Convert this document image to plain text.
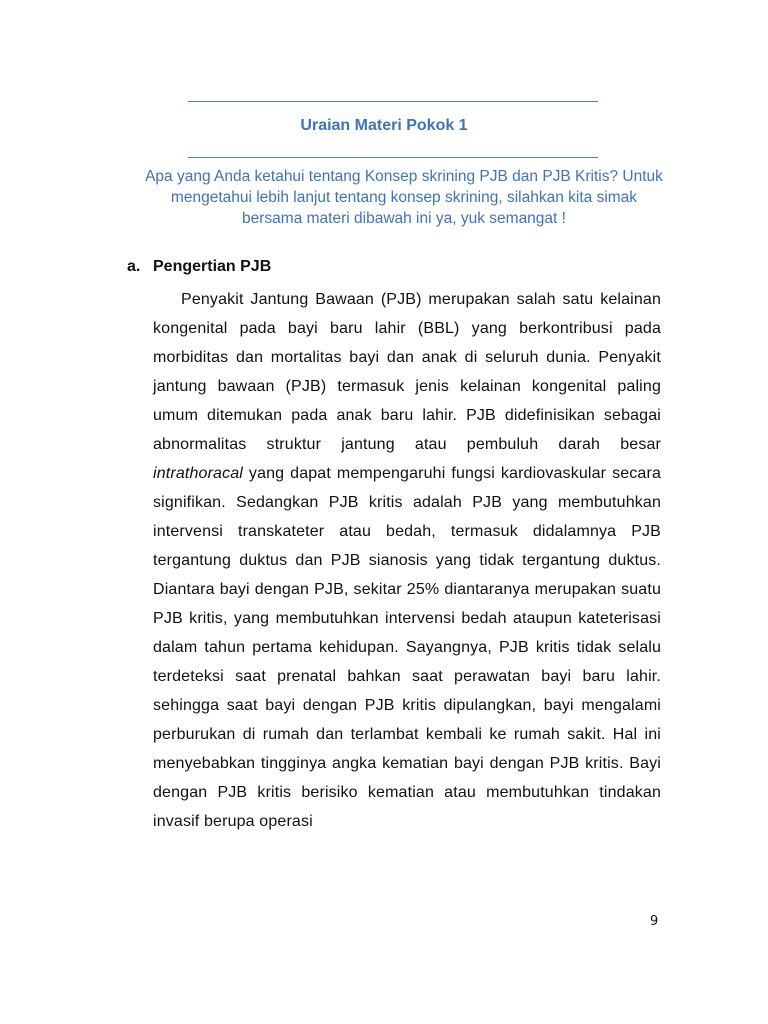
Uraian Materi Pokok 1
Apa yang Anda ketahui tentang Konsep skrining PJB dan PJB Kritis? Untuk mengetahui lebih lanjut tentang konsep skrining, silahkan kita simak bersama materi dibawah ini ya, yuk semangat !
a. Pengertian PJB
Penyakit Jantung Bawaan (PJB) merupakan salah satu kelainan kongenital pada bayi baru lahir (BBL) yang berkontribusi pada morbiditas dan mortalitas bayi dan anak di seluruh dunia. Penyakit jantung bawaan (PJB) termasuk jenis kelainan kongenital paling umum ditemukan pada anak baru lahir. PJB didefinisikan sebagai abnormalitas struktur jantung atau pembuluh darah besar intrathoracal yang dapat mempengaruhi fungsi kardiovaskular secara signifikan. Sedangkan PJB kritis adalah PJB yang membutuhkan intervensi transkateter atau bedah, termasuk didalamnya PJB tergantung duktus dan PJB sianosis yang tidak tergantung duktus. Diantara bayi dengan PJB, sekitar 25% diantaranya merupakan suatu PJB kritis, yang membutuhkan intervensi bedah ataupun kateterisasi dalam tahun pertama kehidupan. Sayangnya, PJB kritis tidak selalu terdeteksi saat prenatal bahkan saat perawatan bayi baru lahir. sehingga saat bayi dengan PJB kritis dipulangkan, bayi mengalami perburukan di rumah dan terlambat kembali ke rumah sakit. Hal ini menyebabkan tingginya angka kematian bayi dengan PJB kritis. Bayi dengan PJB kritis berisiko kematian atau membutuhkan tindakan invasif berupa operasi
9
